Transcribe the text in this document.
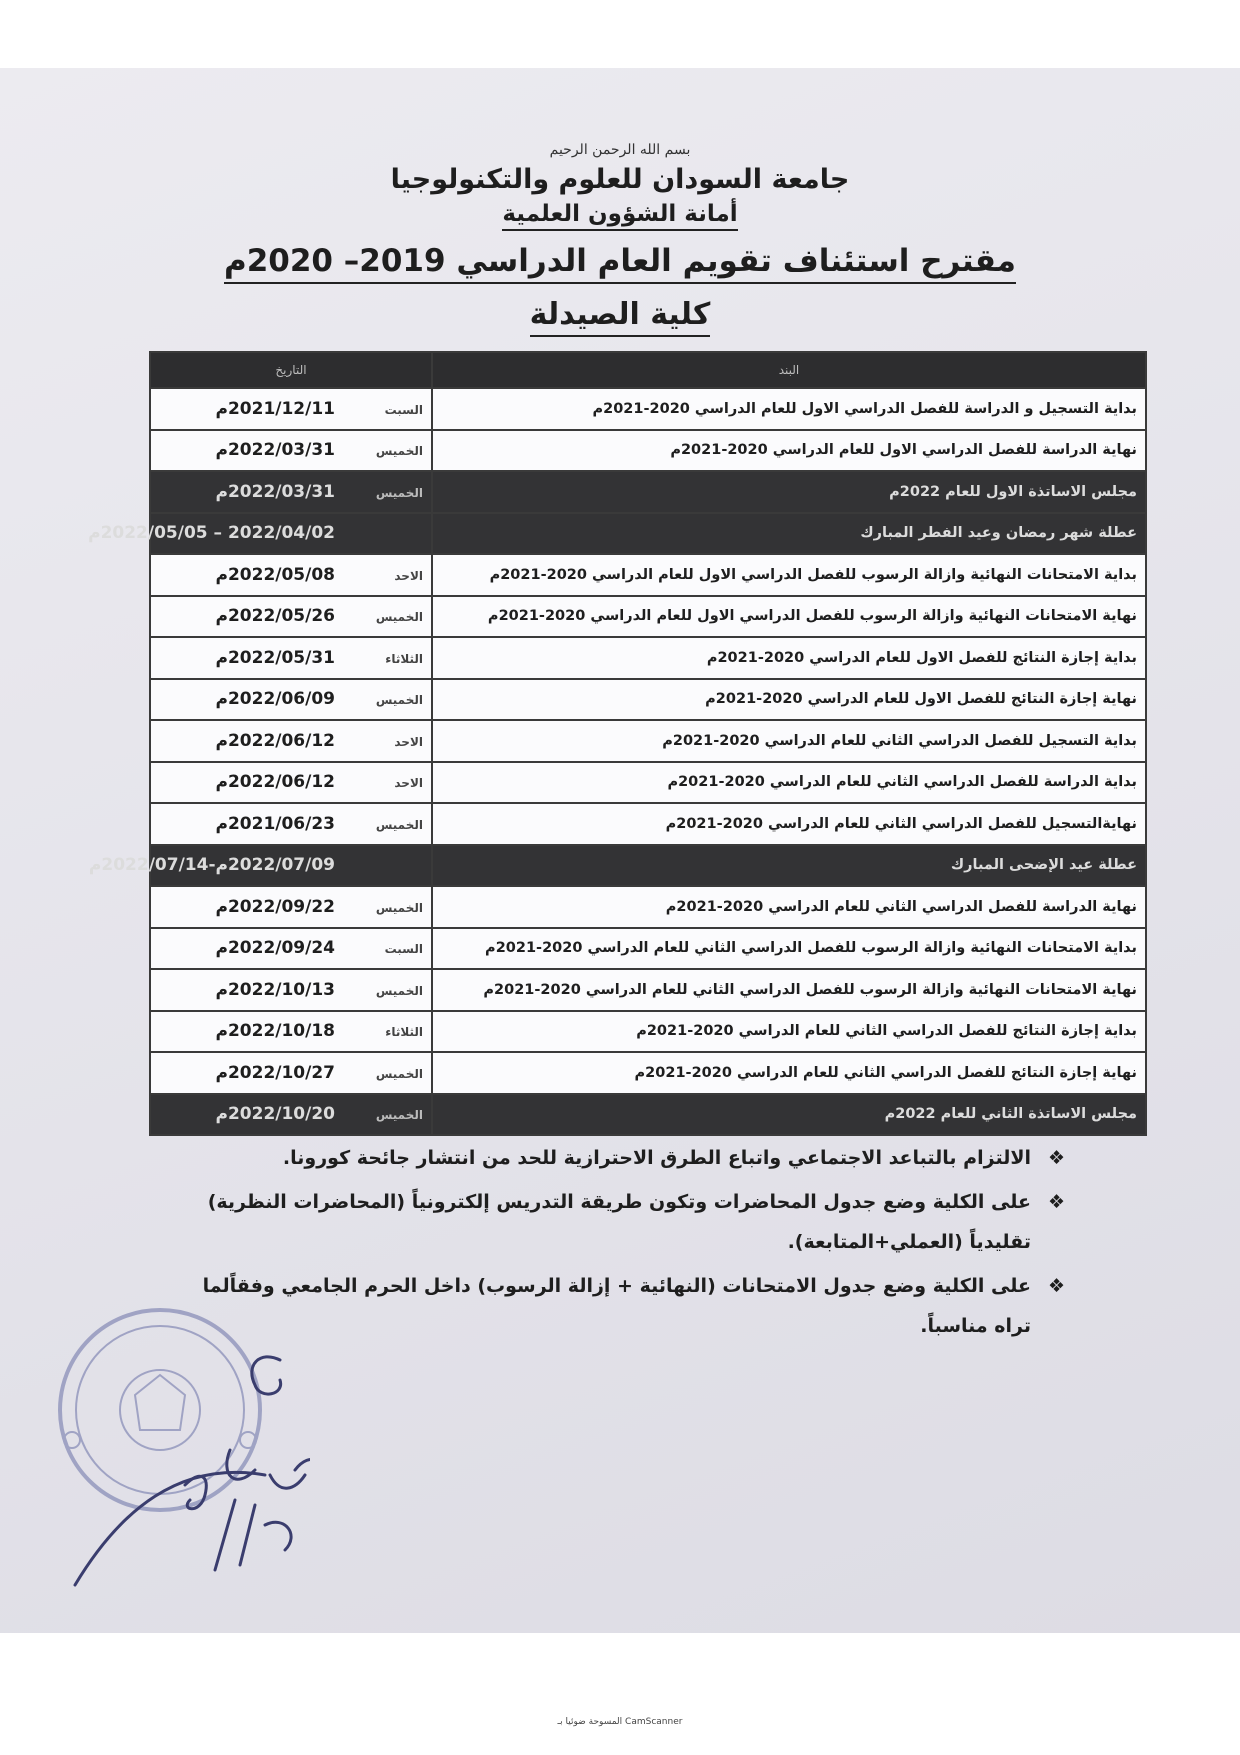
بسم الله الرحمن الرحيم
جامعة السودان للعلوم والتكنولوجيا
أمانة الشؤون العلمية
مقترح استئناف تقويم العام الدراسي 2019– 2020م
كلية الصيدلة
البند	التاريخ
بداية التسجيل و الدراسة للفصل الدراسي الاول للعام الدراسي 2020-2021م	السبت2021/12/11م
نهاية الدراسة للفصل الدراسي الاول للعام الدراسي 2020-2021م	الخميس2022/03/31م
مجلس الاساتذة الاول للعام 2022م	الخميس2022/03/31م
عطلة شهر رمضان وعيد الفطر المبارك	2022/04/02 – 2022/05/05م
بداية الامتحانات النهائية وازالة الرسوب للفصل الدراسي الاول للعام الدراسي 2020-2021م	الاحد2022/05/08م
نهاية الامتحانات النهائية وازالة الرسوب للفصل الدراسي الاول للعام الدراسي 2020-2021م	الخميس2022/05/26م
بداية إجازة النتائج للفصل الاول للعام الدراسي 2020-2021م	الثلاثاء2022/05/31م
نهاية إجازة النتائج للفصل الاول للعام الدراسي 2020-2021م	الخميس2022/06/09م
بداية التسجيل للفصل الدراسي الثاني للعام الدراسي 2020-2021م	الاحد2022/06/12م
بداية الدراسة للفصل الدراسي الثاني للعام الدراسي 2020-2021م	الاحد2022/06/12م
نهايةالتسجيل للفصل الدراسي الثاني للعام الدراسي 2020-2021م	الخميس2021/06/23م
عطلة عيد الإضحى المبارك	2022/07/09م-2022/07/14م
نهاية الدراسة للفصل الدراسي الثاني للعام الدراسي 2020-2021م	الخميس2022/09/22م
بداية الامتحانات النهائية وازالة الرسوب للفصل الدراسي الثاني للعام الدراسي 2020-2021م	السبت2022/09/24م
نهاية الامتحانات النهائية وازالة الرسوب للفصل الدراسي الثاني للعام الدراسي 2020-2021م	الخميس2022/10/13م
بداية إجازة النتائج للفصل الدراسي الثاني للعام الدراسي 2020-2021م	الثلاثاء2022/10/18م
نهاية إجازة النتائج للفصل الدراسي الثاني للعام الدراسي 2020-2021م	الخميس2022/10/27م
مجلس الاساتذة الثاني للعام 2022م	الخميس2022/10/20م
❖
الالتزام بالتباعد الاجتماعي واتباع الطرق الاحترازية للحد من انتشار جائحة كورونا.
❖
على الكلية وضع جدول المحاضرات وتكون طريقة التدريس إلكترونياً (المحاضرات النظرية) تقليدياً (العملي+المتابعة).
❖
على الكلية وضع جدول الامتحانات (النهائية + إزالة الرسوب) داخل الحرم الجامعي وفقاًلما تراه مناسباً.
المسوحة ضوئيا بـ CamScanner
